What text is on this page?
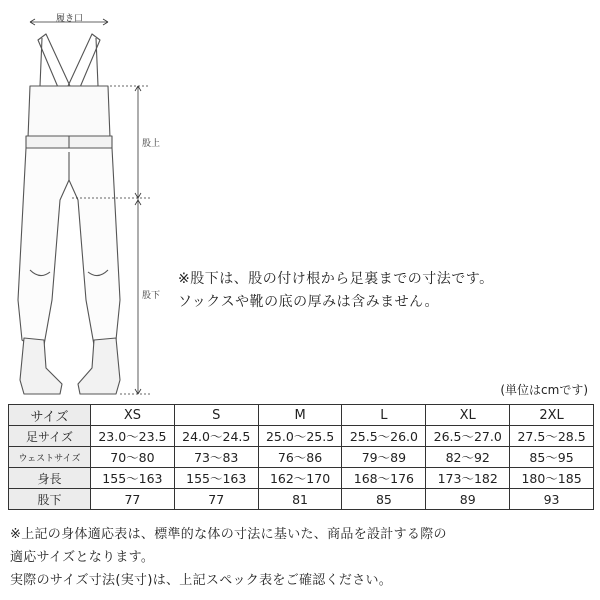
履き口
股上
股下
※股下は、股の付け根から足裏までの寸法です。
ソックスや靴の底の厚みは含みません。
(単位はcmです)
サイズ	XS	S	M	L	XL	2XL
足サイズ	23.0〜23.5	24.0〜24.5	25.0〜25.5	25.5〜26.0	26.5〜27.0	27.5〜28.5
ウェストサイズ	70〜80	73〜83	76〜86	79〜89	82〜92	85〜95
身長	155〜163	155〜163	162〜170	168〜176	173〜182	180〜185
股下	77	77	81	85	89	93
※上記の身体適応表は、標準的な体の寸法に基いた、商品を設計する際の
適応サイズとなります。
実際のサイズ寸法(実寸)は、上記スペック表をご確認ください。
